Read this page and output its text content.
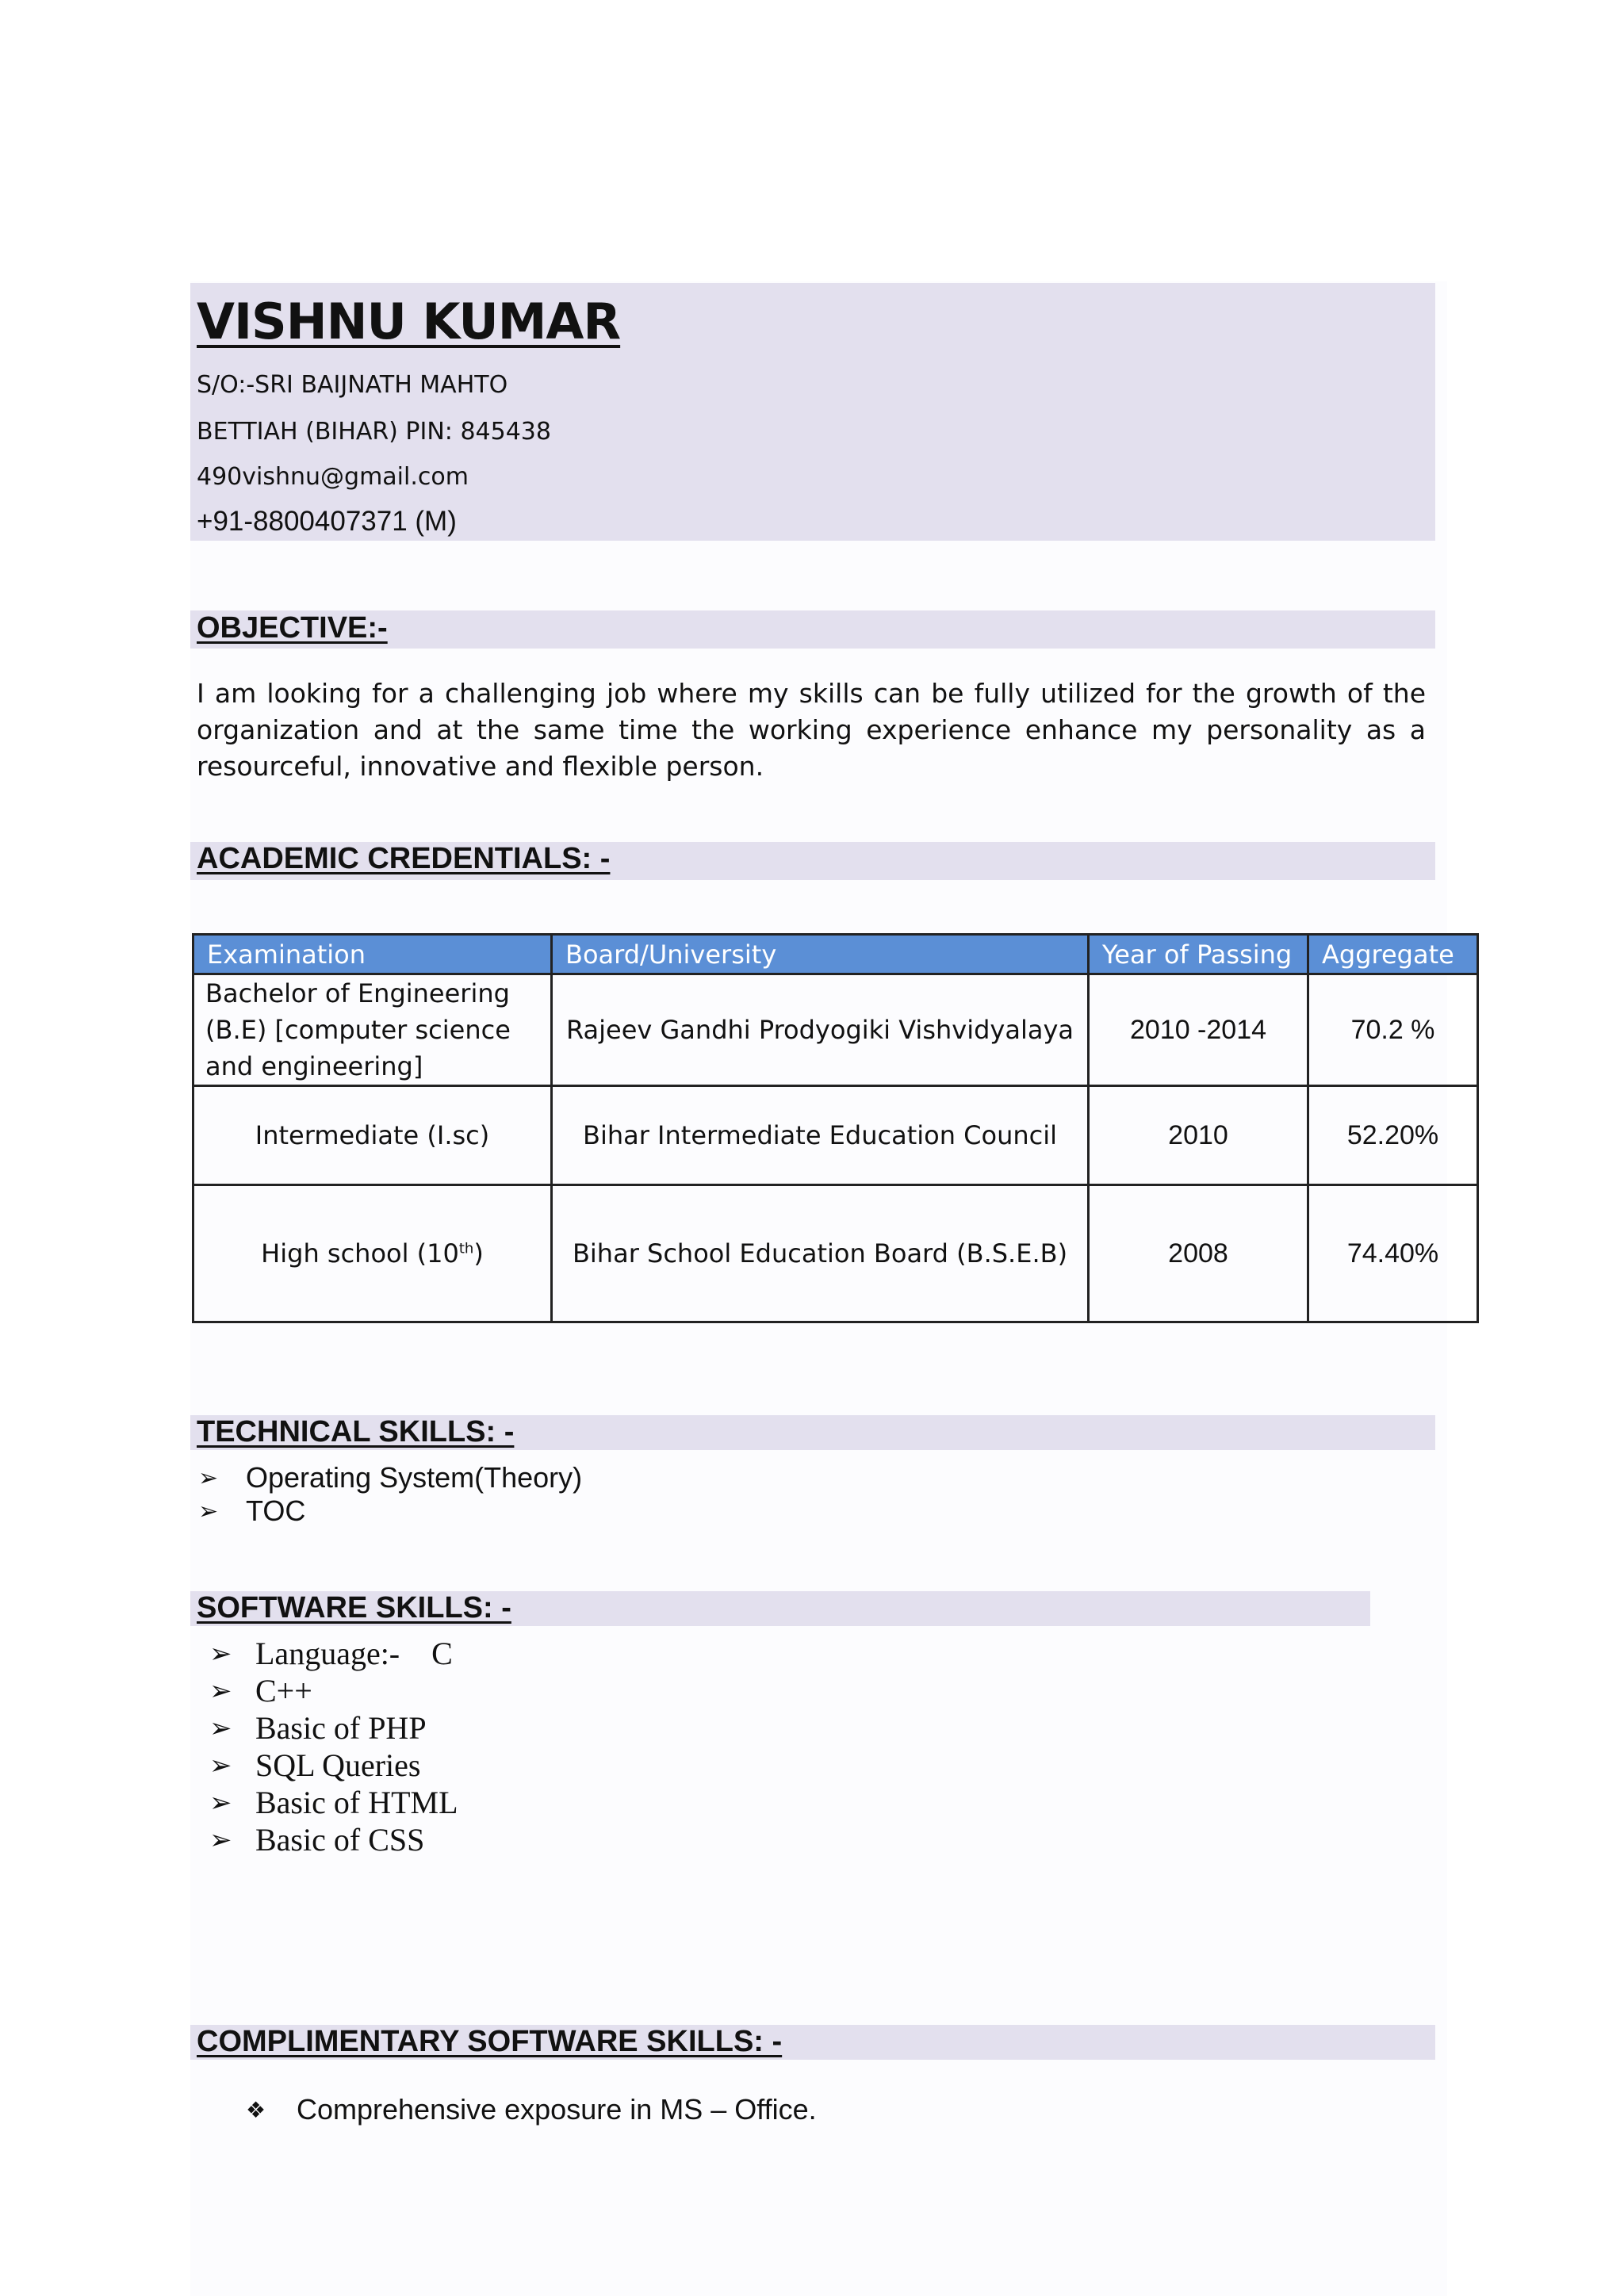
VISHNU KUMAR
S/O:-SRI BAIJNATH MAHTO
BETTIAH (BIHAR) PIN: 845438
490vishnu@gmail.com
+91-8800407371 (M)
OBJECTIVE:-

I am looking for a challenging job where my skills can be fully utilized for the growth of the organization and at the same time the working experience enhance my personality as a resourceful, innovative and flexible person.

ACADEMIC CREDENTIALS: -
Examination	Board/University	Year of Passing	Aggregate
Bachelor of Engineering (B.E) [computer science and engineering]	Rajeev Gandhi Prodyogiki Vishvidyalaya	2010 -2014	70.2 %
Intermediate (I.sc)	Bihar Intermediate Education Council	2010	52.20%
High school (10th)	Bihar School Education Board (B.S.E.B)	2008	74.40%
TECHNICAL SKILLS: -
➢ Operating System(Theory)
➢ TOC
SOFTWARE SKILLS: -
➢ Language:-    C
➢ C++
➢ Basic of PHP
➢ SQL Queries
➢ Basic of HTML
➢ Basic of CSS
COMPLIMENTARY SOFTWARE SKILLS: -
❖	Comprehensive exposure in MS – Office.
